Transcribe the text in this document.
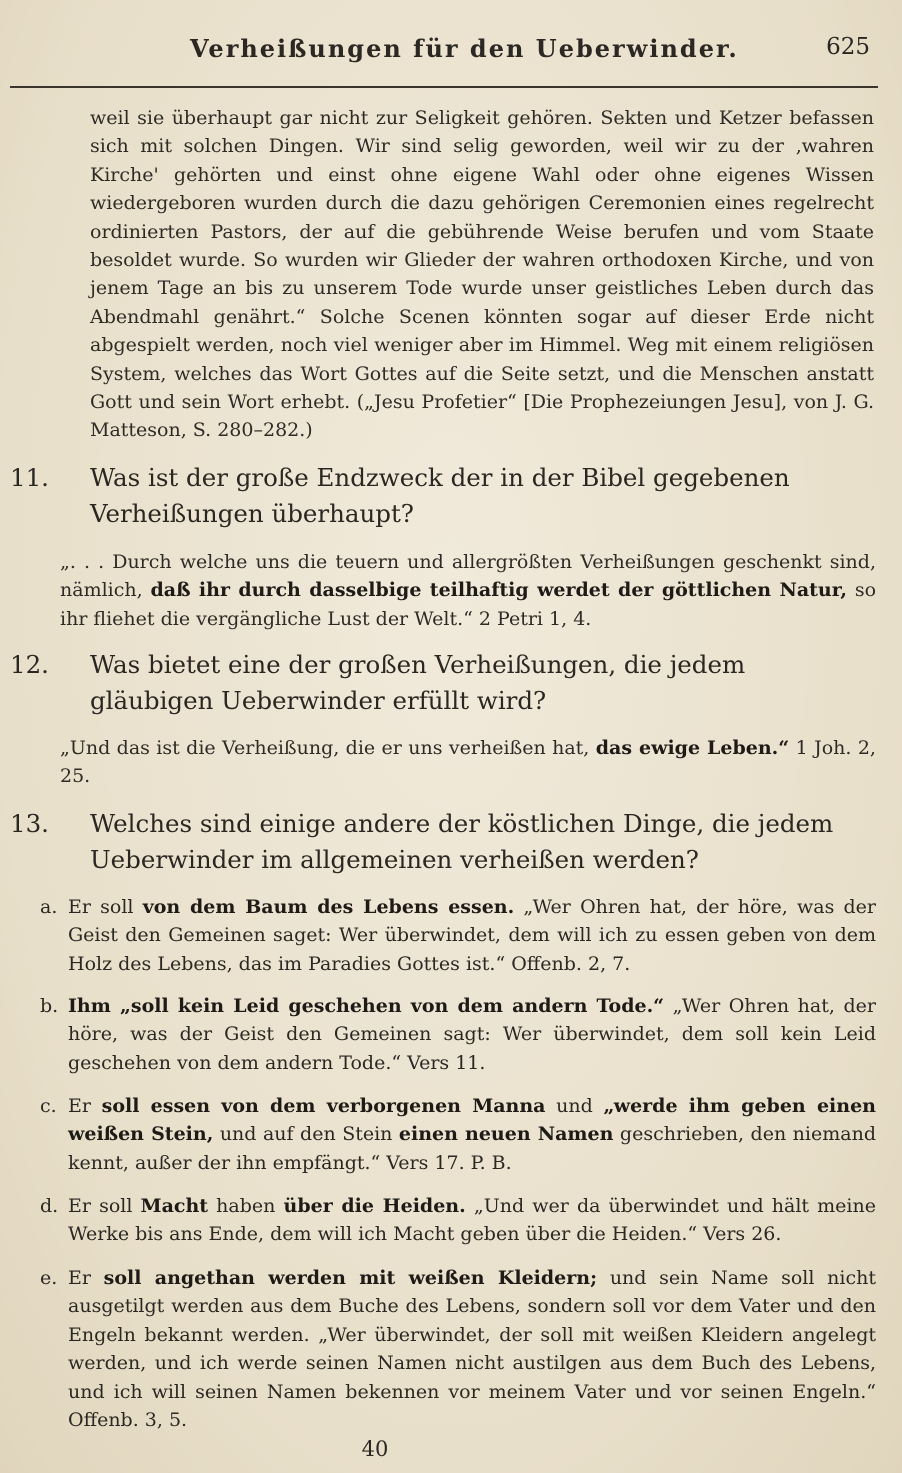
Verheißungen für den Ueberwinder.	625
weil sie überhaupt gar nicht zur Seligkeit gehören. Sekten und Ketzer befassen sich mit solchen Dingen. Wir sind selig geworden, weil wir zu der ‚wahren Kirche' gehörten und einst ohne eigene Wahl oder ohne eigenes Wissen wiedergeboren wurden durch die dazu gehörigen Ceremonien eines regelrecht ordinierten Pastors, der auf die gebührende Weise berufen und vom Staate besoldet wurde. So wurden wir Glieder der wahren orthodoxen Kirche, und von jenem Tage an bis zu unserem Tode wurde unser geistliches Leben durch das Abendmahl genährt.“ Solche Scenen könnten sogar auf dieser Erde nicht abgespielt werden, noch viel weniger aber im Himmel. Weg mit einem religiösen System, welches das Wort Gottes auf die Seite setzt, und die Menschen anstatt Gott und sein Wort erhebt. („Jesu Profetier“ [Die Prophezeiungen Jesu], von J. G. Matteson, S. 280–282.)
11. Was ist der große Endzweck der in der Bibel gegebenen Verheißungen überhaupt?
„. . . Durch welche uns die teuern und allergrößten Verheißungen geschenkt sind, nämlich, daß ihr durch dasselbige teilhaftig werdet der göttlichen Natur, so ihr fliehet die vergängliche Lust der Welt.“ 2 Petri 1, 4.
12. Was bietet eine der großen Verheißungen, die jedem gläubigen Ueberwinder erfüllt wird?
„Und das ist die Verheißung, die er uns verheißen hat, das ewige Leben.“ 1 Joh. 2, 25.
13. Welches sind einige andere der köstlichen Dinge, die jedem Ueberwinder im allgemeinen verheißen werden?
a. Er soll von dem Baum des Lebens essen. „Wer Ohren hat, der höre, was der Geist den Gemeinen saget: Wer überwindet, dem will ich zu essen geben von dem Holz des Lebens, das im Paradies Gottes ist.“ Offenb. 2, 7.
b. Ihm „soll kein Leid geschehen von dem andern Tode.“ „Wer Ohren hat, der höre, was der Geist den Gemeinen sagt: Wer überwindet, dem soll kein Leid geschehen von dem andern Tode.“ Vers 11.
c. Er soll essen von dem verborgenen Manna und „werde ihm geben einen weißen Stein, und auf den Stein einen neuen Namen geschrieben, den niemand kennt, außer der ihn empfängt.“ Vers 17. P. B.
d. Er soll Macht haben über die Heiden. „Und wer da überwindet und hält meine Werke bis ans Ende, dem will ich Macht geben über die Heiden.“ Vers 26.
e. Er soll angethan werden mit weißen Kleidern; und sein Name soll nicht ausgetilgt werden aus dem Buche des Lebens, sondern soll vor dem Vater und den Engeln bekannt werden. „Wer überwindet, der soll mit weißen Kleidern angelegt werden, und ich werde seinen Namen nicht austilgen aus dem Buch des Lebens, und ich will seinen Namen bekennen vor meinem Vater und vor seinen Engeln.“ Offenb. 3, 5.
40
